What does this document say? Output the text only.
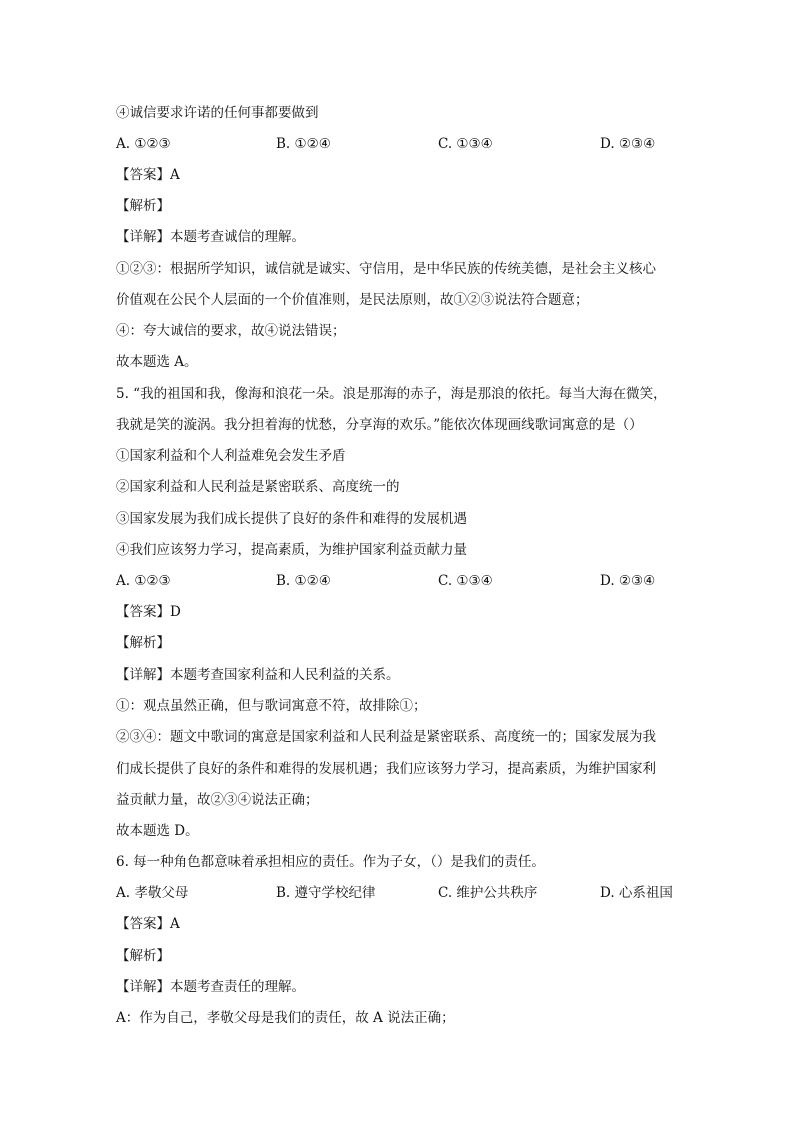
④诚信要求许诺的任何事都要做到
A. ①②③	B. ①②④	C. ①③④	D. ②③④
【答案】A
【解析】
【详解】本题考查诚信的理解。
①②③：根据所学知识，诚信就是诚实、守信用，是中华民族的传统美德，是社会主义核心
价值观在公民个人层面的一个价值准则，是民法原则，故①②③说法符合题意；
④：夸大诚信的要求，故④说法错误；
故本题选 A。
5. “我的祖国和我，像海和浪花一朵。浪是那海的赤子，海是那浪的依托。每当大海在微笑，
我就是笑的漩涡。我分担着海的忧愁，分享海的欢乐。”能依次体现画线歌词寓意的是（）
①国家利益和个人利益难免会发生矛盾
②国家利益和人民利益是紧密联系、高度统一的
③国家发展为我们成长提供了良好的条件和难得的发展机遇
④我们应该努力学习，提高素质，为维护国家利益贡献力量
A. ①②③	B. ①②④	C. ①③④	D. ②③④
【答案】D
【解析】
【详解】本题考查国家利益和人民利益的关系。
①：观点虽然正确，但与歌词寓意不符，故排除①；
②③④：题文中歌词的寓意是国家利益和人民利益是紧密联系、高度统一的；国家发展为我
们成长提供了良好的条件和难得的发展机遇；我们应该努力学习，提高素质，为维护国家利
益贡献力量，故②③④说法正确；
故本题选 D。
6. 每一种角色都意味着承担相应的责任。作为子女，（）是我们的责任。
A. 孝敬父母	B. 遵守学校纪律	C. 维护公共秩序	D. 心系祖国
【答案】A
【解析】
【详解】本题考查责任的理解。
A：作为自己，孝敬父母是我们的责任，故 A 说法正确；
